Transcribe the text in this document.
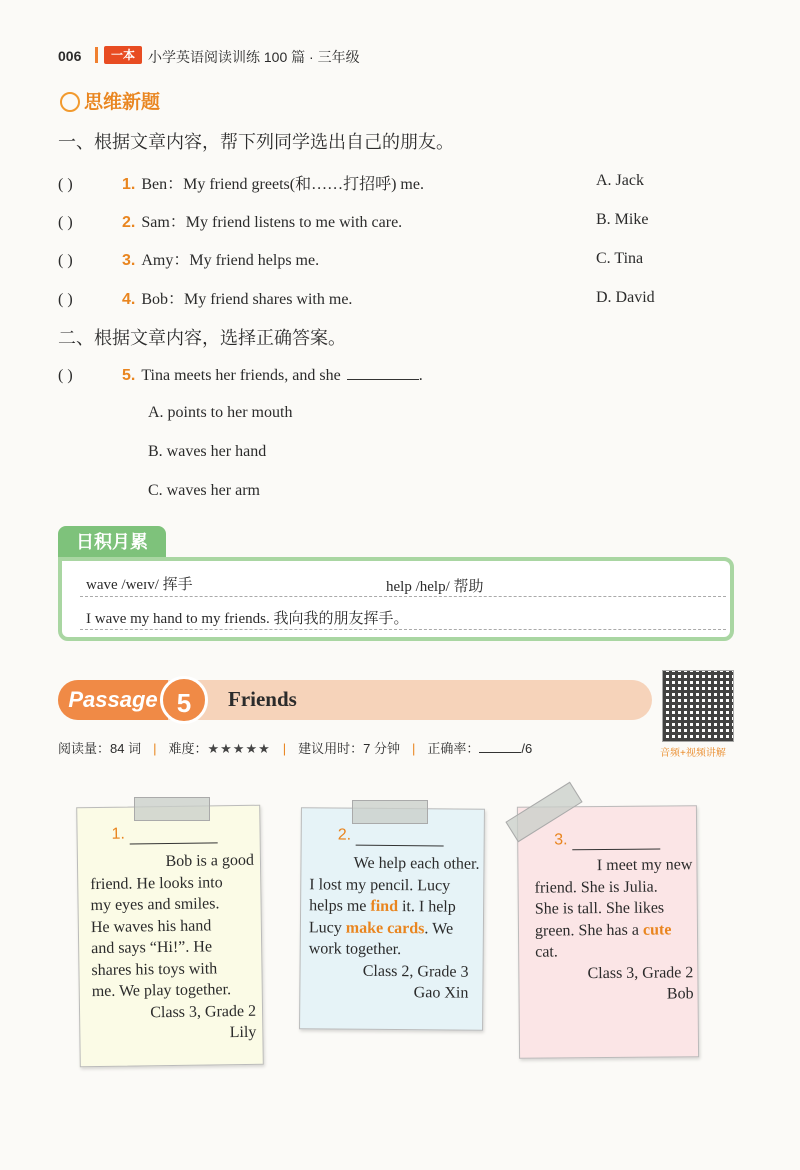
006	一本 小学英语阅读训练 100 篇 · 三年级
思维新题
一、根据文章内容，帮下列同学选出自己的朋友。
( )	1. Ben：My friend greets(和……打招呼) me.
( )	2. Sam：My friend listens to me with care.
( )	3. Amy：My friend helps me.
( )	4. Bob：My friend shares with me.
A. Jack
B. Mike
C. Tina
D. David
二、根据文章内容，选择正确答案。
( )	5. Tina meets her friends, and she	.
A. points to her mouth
B. waves her hand
C. waves her arm
日积月累
wave /weɪv/ 挥手	help /help/ 帮助
I wave my hand to my friends. 我向我的朋友挥手。
Passage 5	Friends
音频+视频讲解
阅读量：84 词 | 难度：★★★★★ | 建议用时：7 分钟 | 正确率：	/6
1.
Bob is a good
friend. He looks into
my eyes and smiles.
He waves his hand
and says “Hi!”. He
shares his toys with
me. We play together.
Class 3, Grade 2
Lily
2.
We help each other.
I lost my pencil. Lucy
helps me find it. I help
Lucy make cards. We
work together.
Class 2, Grade 3
Gao Xin
3.
I meet my new
friend. She is Julia.
She is tall. She likes
green. She has a cute
cat.
Class 3, Grade 2
Bob
